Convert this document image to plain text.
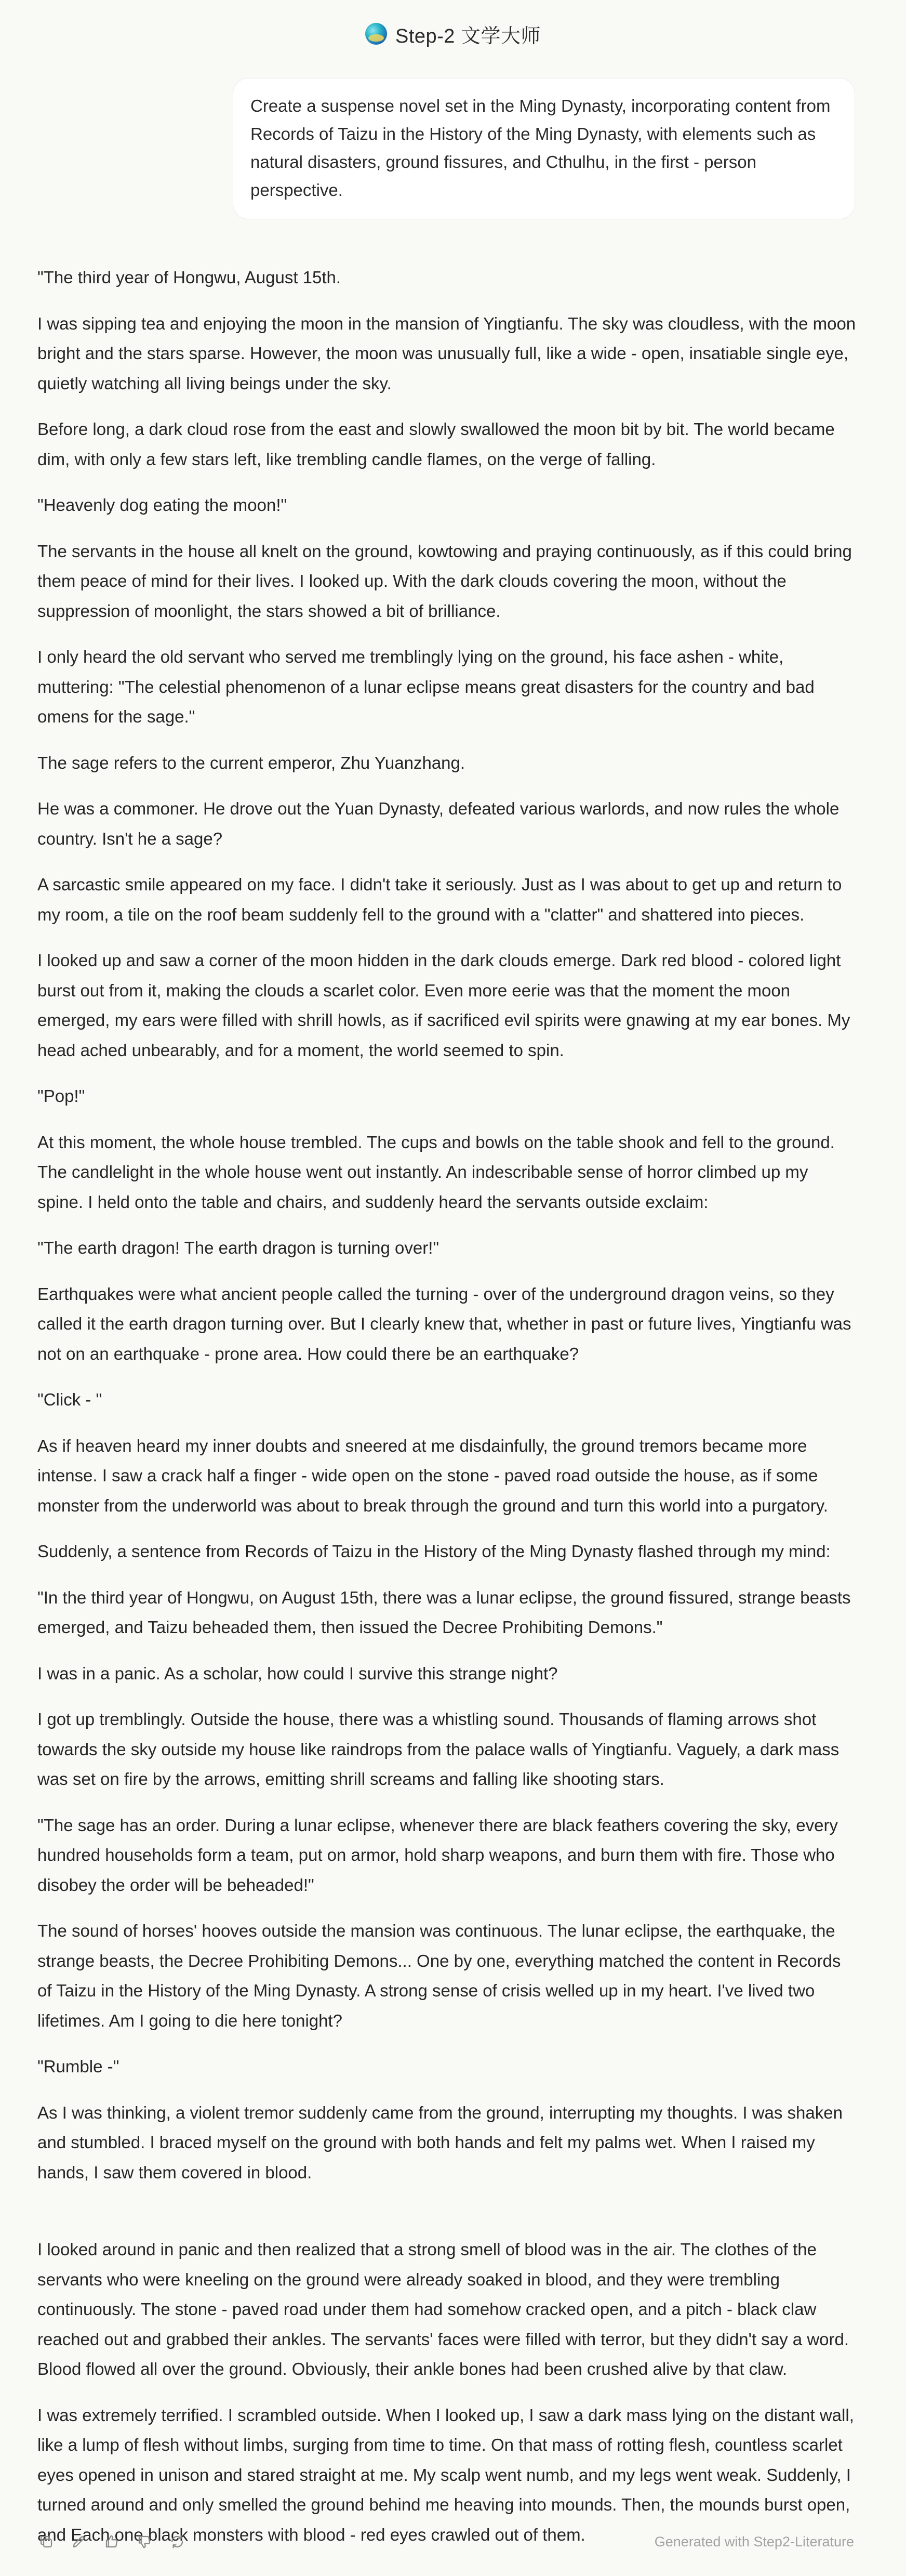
Step-2 文学大师

Create a suspense novel set in the Ming Dynasty, incorporating content from Records of Taizu in the History of the Ming Dynasty, with elements such as natural disasters, ground fissures, and Cthulhu, in the first - person perspective.

"The third year of Hongwu, August 15th.

I was sipping tea and enjoying the moon in the mansion of Yingtianfu. The sky was cloudless, with the moon bright and the stars sparse. However, the moon was unusually full, like a wide - open, insatiable single eye, quietly watching all living beings under the sky.

Before long, a dark cloud rose from the east and slowly swallowed the moon bit by bit. The world became dim, with only a few stars left, like trembling candle flames, on the verge of falling.

"Heavenly dog eating the moon!"

The servants in the house all knelt on the ground, kowtowing and praying continuously, as if this could bring them peace of mind for their lives. I looked up. With the dark clouds covering the moon, without the suppression of moonlight, the stars showed a bit of brilliance.

I only heard the old servant who served me tremblingly lying on the ground, his face ashen - white, muttering: "The celestial phenomenon of a lunar eclipse means great disasters for the country and bad omens for the sage."

The sage refers to the current emperor, Zhu Yuanzhang.

He was a commoner. He drove out the Yuan Dynasty, defeated various warlords, and now rules the whole country. Isn't he a sage?

A sarcastic smile appeared on my face. I didn't take it seriously. Just as I was about to get up and return to my room, a tile on the roof beam suddenly fell to the ground with a "clatter" and shattered into pieces.

I looked up and saw a corner of the moon hidden in the dark clouds emerge. Dark red blood - colored light burst out from it, making the clouds a scarlet color. Even more eerie was that the moment the moon emerged, my ears were filled with shrill howls, as if sacrificed evil spirits were gnawing at my ear bones. My head ached unbearably, and for a moment, the world seemed to spin.

"Pop!"

At this moment, the whole house trembled. The cups and bowls on the table shook and fell to the ground. The candlelight in the whole house went out instantly. An indescribable sense of horror climbed up my spine. I held onto the table and chairs, and suddenly heard the servants outside exclaim:

"The earth dragon! The earth dragon is turning over!"

Earthquakes were what ancient people called the turning - over of the underground dragon veins, so they called it the earth dragon turning over. But I clearly knew that, whether in past or future lives, Yingtianfu was not on an earthquake - prone area. How could there be an earthquake?

"Click - "

As if heaven heard my inner doubts and sneered at me disdainfully, the ground tremors became more intense. I saw a crack half a finger - wide open on the stone - paved road outside the house, as if some monster from the underworld was about to break through the ground and turn this world into a purgatory.

Suddenly, a sentence from Records of Taizu in the History of the Ming Dynasty flashed through my mind:

"In the third year of Hongwu, on August 15th, there was a lunar eclipse, the ground fissured, strange beasts emerged, and Taizu beheaded them, then issued the Decree Prohibiting Demons."

I was in a panic. As a scholar, how could I survive this strange night?

I got up tremblingly. Outside the house, there was a whistling sound. Thousands of flaming arrows shot towards the sky outside my house like raindrops from the palace walls of Yingtianfu. Vaguely, a dark mass was set on fire by the arrows, emitting shrill screams and falling like shooting stars.

"The sage has an order. During a lunar eclipse, whenever there are black feathers covering the sky, every hundred households form a team, put on armor, hold sharp weapons, and burn them with fire. Those who disobey the order will be beheaded!"

The sound of horses' hooves outside the mansion was continuous. The lunar eclipse, the earthquake, the strange beasts, the Decree Prohibiting Demons... One by one, everything matched the content in Records of Taizu in the History of the Ming Dynasty. A strong sense of crisis welled up in my heart. I've lived two lifetimes. Am I going to die here tonight?

"Rumble -"

As I was thinking, a violent tremor suddenly came from the ground, interrupting my thoughts. I was shaken and stumbled. I braced myself on the ground with both hands and felt my palms wet. When I raised my hands, I saw them covered in blood.

I looked around in panic and then realized that a strong smell of blood was in the air. The clothes of the servants who were kneeling on the ground were already soaked in blood, and they were trembling continuously. The stone - paved road under them had somehow cracked open, and a pitch - black claw reached out and grabbed their ankles. The servants' faces were filled with terror, but they didn't say a word. Blood flowed all over the ground. Obviously, their ankle bones had been crushed alive by that claw.

I was extremely terrified. I scrambled outside. When I looked up, I saw a dark mass lying on the distant wall, like a lump of flesh without limbs, surging from time to time. On that mass of rotting flesh, countless scarlet eyes opened in unison and stared straight at me. My scalp went numb, and my legs went weak. Suddenly, I turned around and only smelled the ground behind me heaving into mounds. Then, the mounds burst open, and Each one black monsters with blood - red eyes crawled out of them.	Generated with Step2-Literature
